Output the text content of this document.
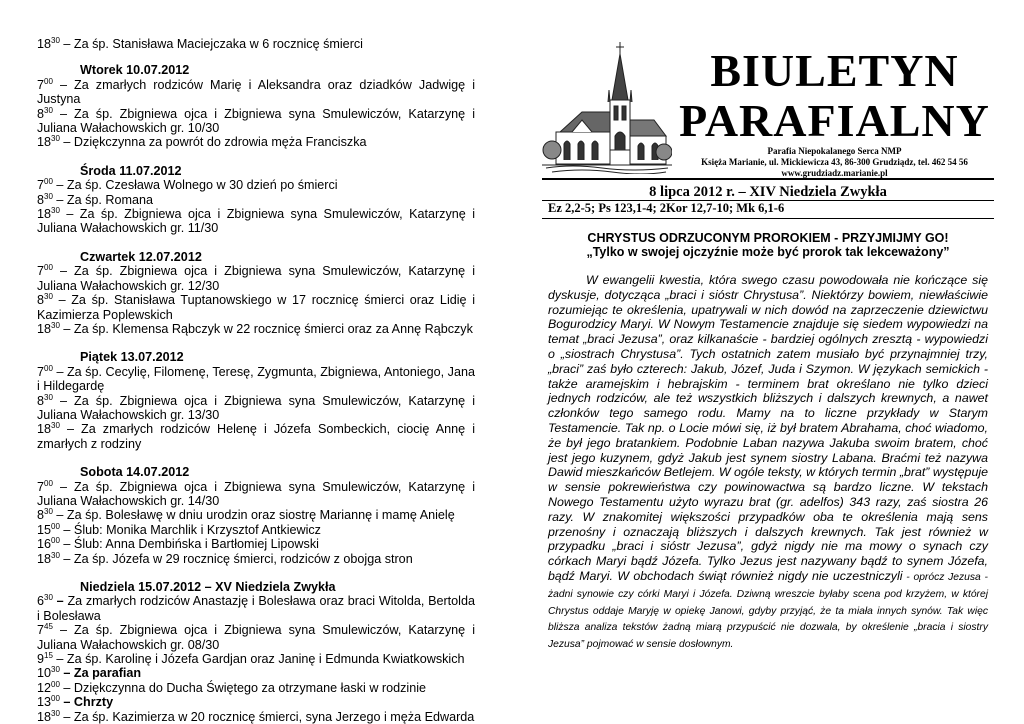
$18^{30}$ – Za śp. Stanisława Maciejczaka w 6 rocznicę śmierci
Wtorek 10.07.2012
$7^{00}$ – Za zmarłych rodziców Marię i Aleksandra oraz dziadków Jadwigę i Justyna
$8^{30}$ – Za śp. Zbigniewa ojca i Zbigniewa syna Smulewiczów, Katarzynę i Juliana Wałachowskich gr. 10/30
$18^{30}$ – Dziękczynna za powrót do zdrowia męża Franciszka
Środa 11.07.2012
$7^{00}$ – Za śp. Czesława Wolnego w 30 dzień po śmierci
$8^{30}$ – Za śp. Romana
$18^{30}$ – Za śp. Zbigniewa ojca i Zbigniewa syna Smulewiczów, Katarzynę i Juliana Wałachowskich gr. 11/30
Czwartek 12.07.2012
$7^{00}$ – Za śp. Zbigniewa ojca i Zbigniewa syna Smulewiczów, Katarzynę i Juliana Wałachowskich gr. 12/30
$8^{30}$ – Za śp. Stanisława Tuptanowskiego w 17 rocznicę śmierci oraz Lidię i Kazimierza Poplewskich
$18^{30}$ – Za śp. Klemensa Rąbczyk w 22 rocznicę śmierci oraz za Annę Rąbczyk
Piątek 13.07.2012
$7^{00}$ – Za śp. Cecylię, Filomenę, Teresę, Zygmunta, Zbigniewa, Antoniego, Jana i Hildegardę
$8^{30}$ – Za śp. Zbigniewa ojca i Zbigniewa syna Smulewiczów, Katarzynę i Juliana Wałachowskich gr. 13/30
$18^{30}$ – Za zmarłych rodziców Helenę i Józefa Sombeckich, ciocię Annę i zmarłych z rodziny
Sobota 14.07.2012
$7^{00}$ – Za śp. Zbigniewa ojca i Zbigniewa syna Smulewiczów, Katarzynę i Juliana Wałachowskich gr. 14/30
$8^{30}$ – Za śp. Bolesławę w dniu urodzin oraz siostrę Mariannę i mamę Anielę
$15^{00}$ – Ślub: Monika Marchlik i Krzysztof Antkiewicz
$16^{00}$ – Ślub: Anna Dembińska i Bartłomiej Lipowski
$18^{30}$ – Za śp. Józefa w 29 rocznicę śmierci, rodziców z obojga stron
Niedziela 15.07.2012 – XV Niedziela Zwykła
$6^{30}$ – Za zmarłych rodziców Anastazję i Bolesława oraz braci Witolda, Bertolda i Bolesława
$7^{45}$ – Za śp. Zbigniewa ojca i Zbigniewa syna Smulewiczów, Katarzynę i Juliana Wałachowskich gr. 08/30
$9^{15}$ – Za śp. Karolinę i Józefa Gardjan oraz Janinę i Edmunda Kwiatkowskich
$10^{30}$ – Za parafian
$12^{00}$ – Dziękczynna do Ducha Świętego za otrzymane łaski w rodzinie
$13^{00}$ – Chrzty
$18^{30}$ – Za śp. Kazimierza w 20 rocznicę śmierci, syna Jerzego i męża Edwarda
BIULETYN
PARAFIALNY
Parafia Niepokalanego Serca NMP
Księża Marianie, ul. Mickiewicza 43, 86-300 Grudziądz, tel. 462 54 56
www.grudziadz.marianie.pl
8 lipca 2012 r. – XIV Niedziela Zwykła
Ez 2,2-5; Ps 123,1-4; 2Kor 12,7-10; Mk 6,1-6
CHRYSTUS ODRZUCONYM PROROKIEM - PRZYJMIJMY GO!
„Tylko w swojej ojczyźnie może być prorok tak lekceważony”

W ewangelii kwestia, która swego czasu powodowała nie kończące się dyskusje, dotycząca „braci i sióstr Chrystusa”. Niektórzy bowiem, niewłaściwie rozumiejąc te określenia, upatrywali w nich dowód na zaprzeczenie dziewictwu Bogurodzicy Maryi. W Nowym Testamencie znajduje się siedem wypowiedzi na temat „braci Jezusa”, oraz kilkanaście - bardziej ogólnych zresztą - wypowiedzi o „siostrach Chrystusa”. Tych ostatnich zatem musiało być przynajmniej trzy, „braci” zaś było czterech: Jakub, Józef, Juda i Szymon. W językach semickich - także aramejskim i hebrajskim - terminem brat określano nie tylko dzieci jednych rodziców, ale też wszystkich bliższych i dalszych krewnych, a nawet członków tego samego rodu. Mamy na to liczne przykłady w Starym Testamencie. Tak np. o Locie mówi się, iż był bratem Abrahama, choć wiadomo, że był jego bratankiem. Podobnie Laban nazywa Jakuba swoim bratem, choć jest jego kuzynem, gdyż Jakub jest synem siostry Labana. Braćmi też nazywa Dawid mieszkańców Betlejem. W ogóle teksty, w których termin „brat” występuje w sensie pokrewieństwa czy powinowactwa są bardzo liczne. W tekstach Nowego Testamentu użyto wyrazu brat (gr. adelfos) 343 razy, zaś siostra 26 razy. W znakomitej większości przypadków oba te określenia mają sens przenośny i oznaczają bliższych i dalszych krewnych. Tak jest również w przypadku „braci i sióstr Jezusa”, gdyż nigdy nie ma mowy o synach czy córkach Maryi bądź Józefa. Tylko Jezus jest nazywany bądź to synem Józefa, bądź Maryi. W obchodach świąt również nigdy nie uczestniczyli - oprócz Jezusa - żadni synowie czy córki Maryi i Józefa. Dziwną wreszcie byłaby scena pod krzyżem, w której Chrystus oddaje Maryję w opiekę Janowi, gdyby przyjąć, że ta miała innych synów. Tak więc bliższa analiza tekstów żadną miarą przypuścić nie dozwala, by określenie „bracia i siostry Jezusa” pojmować w sensie dosłownym.
